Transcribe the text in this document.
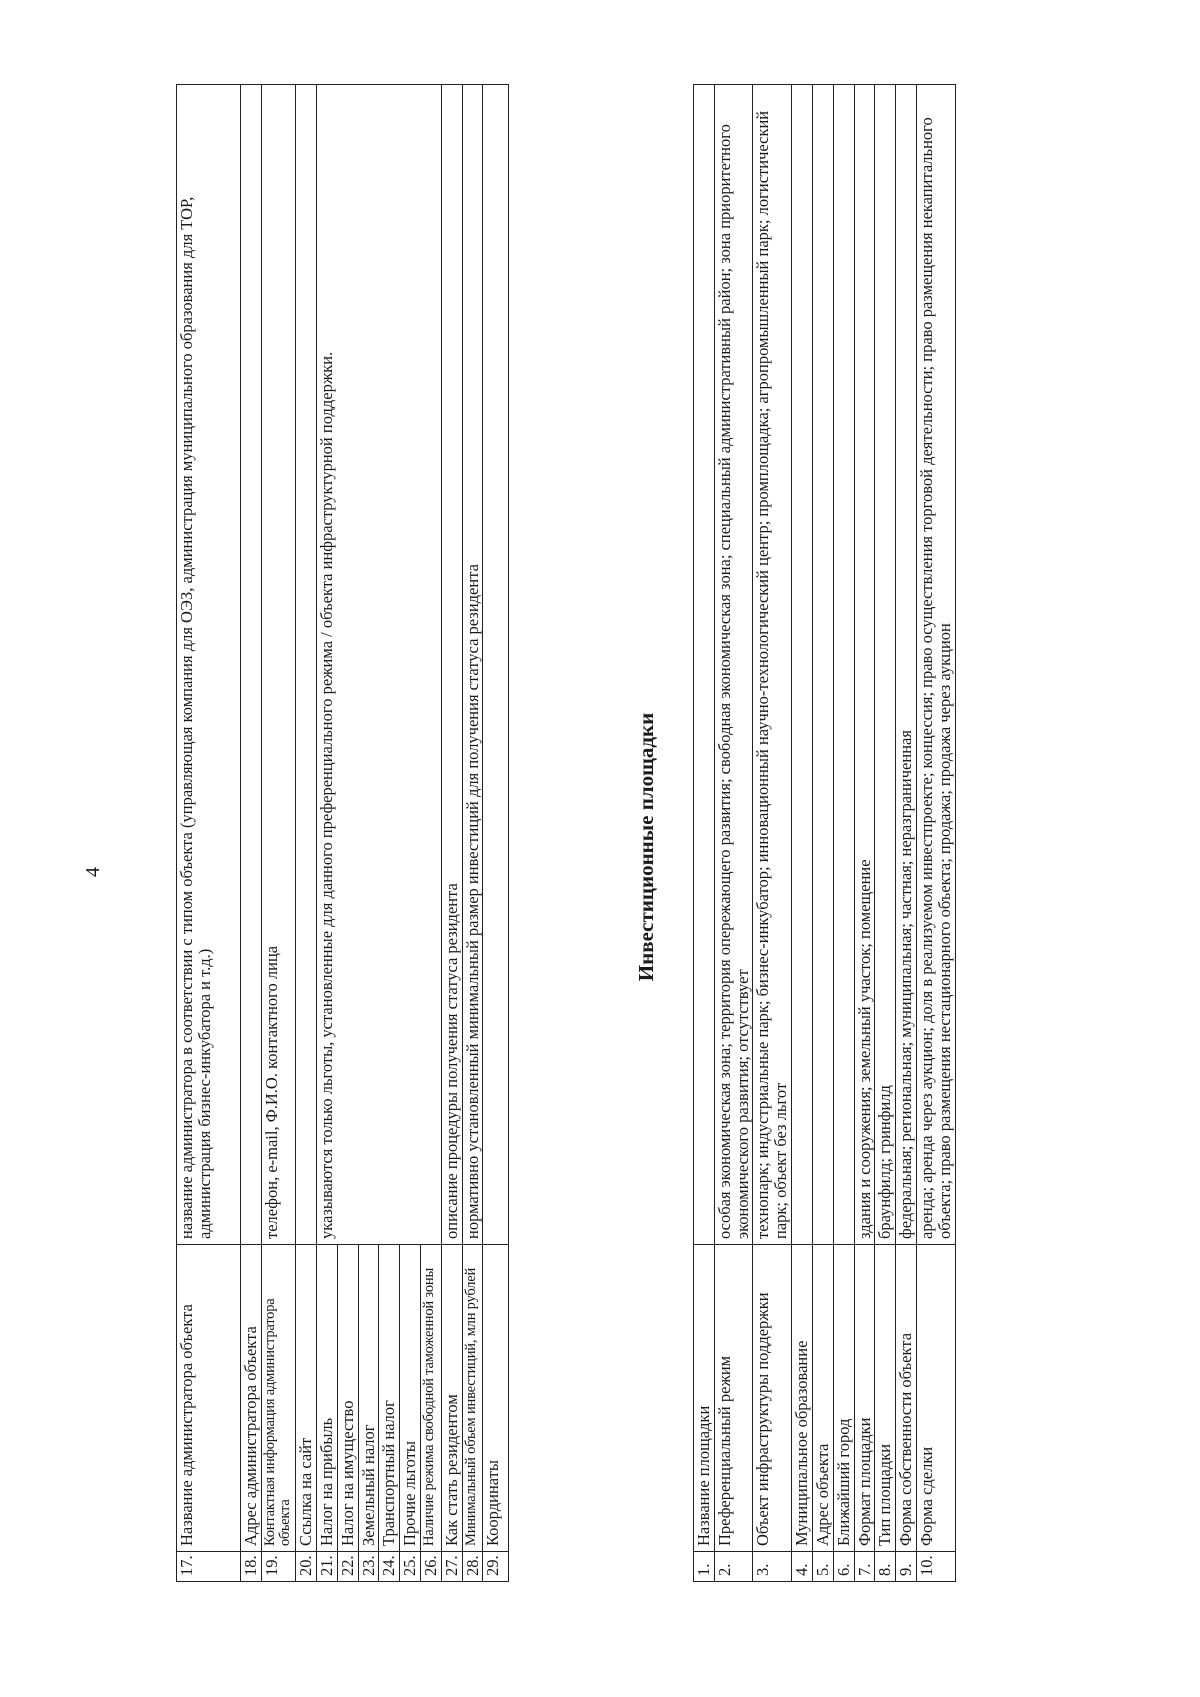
4
17.	Название администратора объекта	название администратора в соответствии с типом объекта (управляющая компания для ОЭЗ, администрация муниципального образования для ТОР, администрация бизнес-инкубатора и т.д.)
18.	Адрес администратора объекта	
19.	Контактная информация администратора объекта	телефон, e-mail, Ф.И.О. контактного лица
20.	Ссылка на сайт	
21.	Налог на прибыль	указываются только льготы, установленные для данного преференциального режима / объекта инфраструктурной поддержки.
22.	Налог на имущество	
23.	Земельный налог	
24.	Транспортный налог	
25.	Прочие льготы	
26.	Наличие режима свободной таможенной зоны	
27.	Как стать резидентом	описание процедуры получения статуса резидента
28.	Минимальный объем инвестиций, млн рублей	нормативно установленный минимальный размер инвестиций для получения статуса резидента
29.	Координаты	
Инвестиционные площадки
1.	Название площадки	
2.	Преференциальный режим	особая экономическая зона; территория опережающего развития; свободная экономическая зона; специальный административный район; зона приоритетного экономического развития; отсутствует
3.	Объект инфраструктуры поддержки	технопарк; индустриальные парк; бизнес-инкубатор; инновационный научно-технологический центр; промплощадка; агропромышленный парк; логистический парк; объект без льгот
4.	Муниципальное образование	
5.	Адрес объекта	
6.	Ближайший город	
7.	Формат площадки	здания и сооружения; земельный участок; помещение
8.	Тип площадки	браунфилд; гринфилд
9.	Форма собственности объекта	федеральная; региональная; муниципальная; частная; неразграниченная
10.	Форма сделки	аренда; аренда через аукцион; доля в реализуемом инвестпроекте; концессия; право осуществления торговой деятельности; право размещения некапитального объекта; право размещения нестационарного объекта; продажа; продажа через аукцион
